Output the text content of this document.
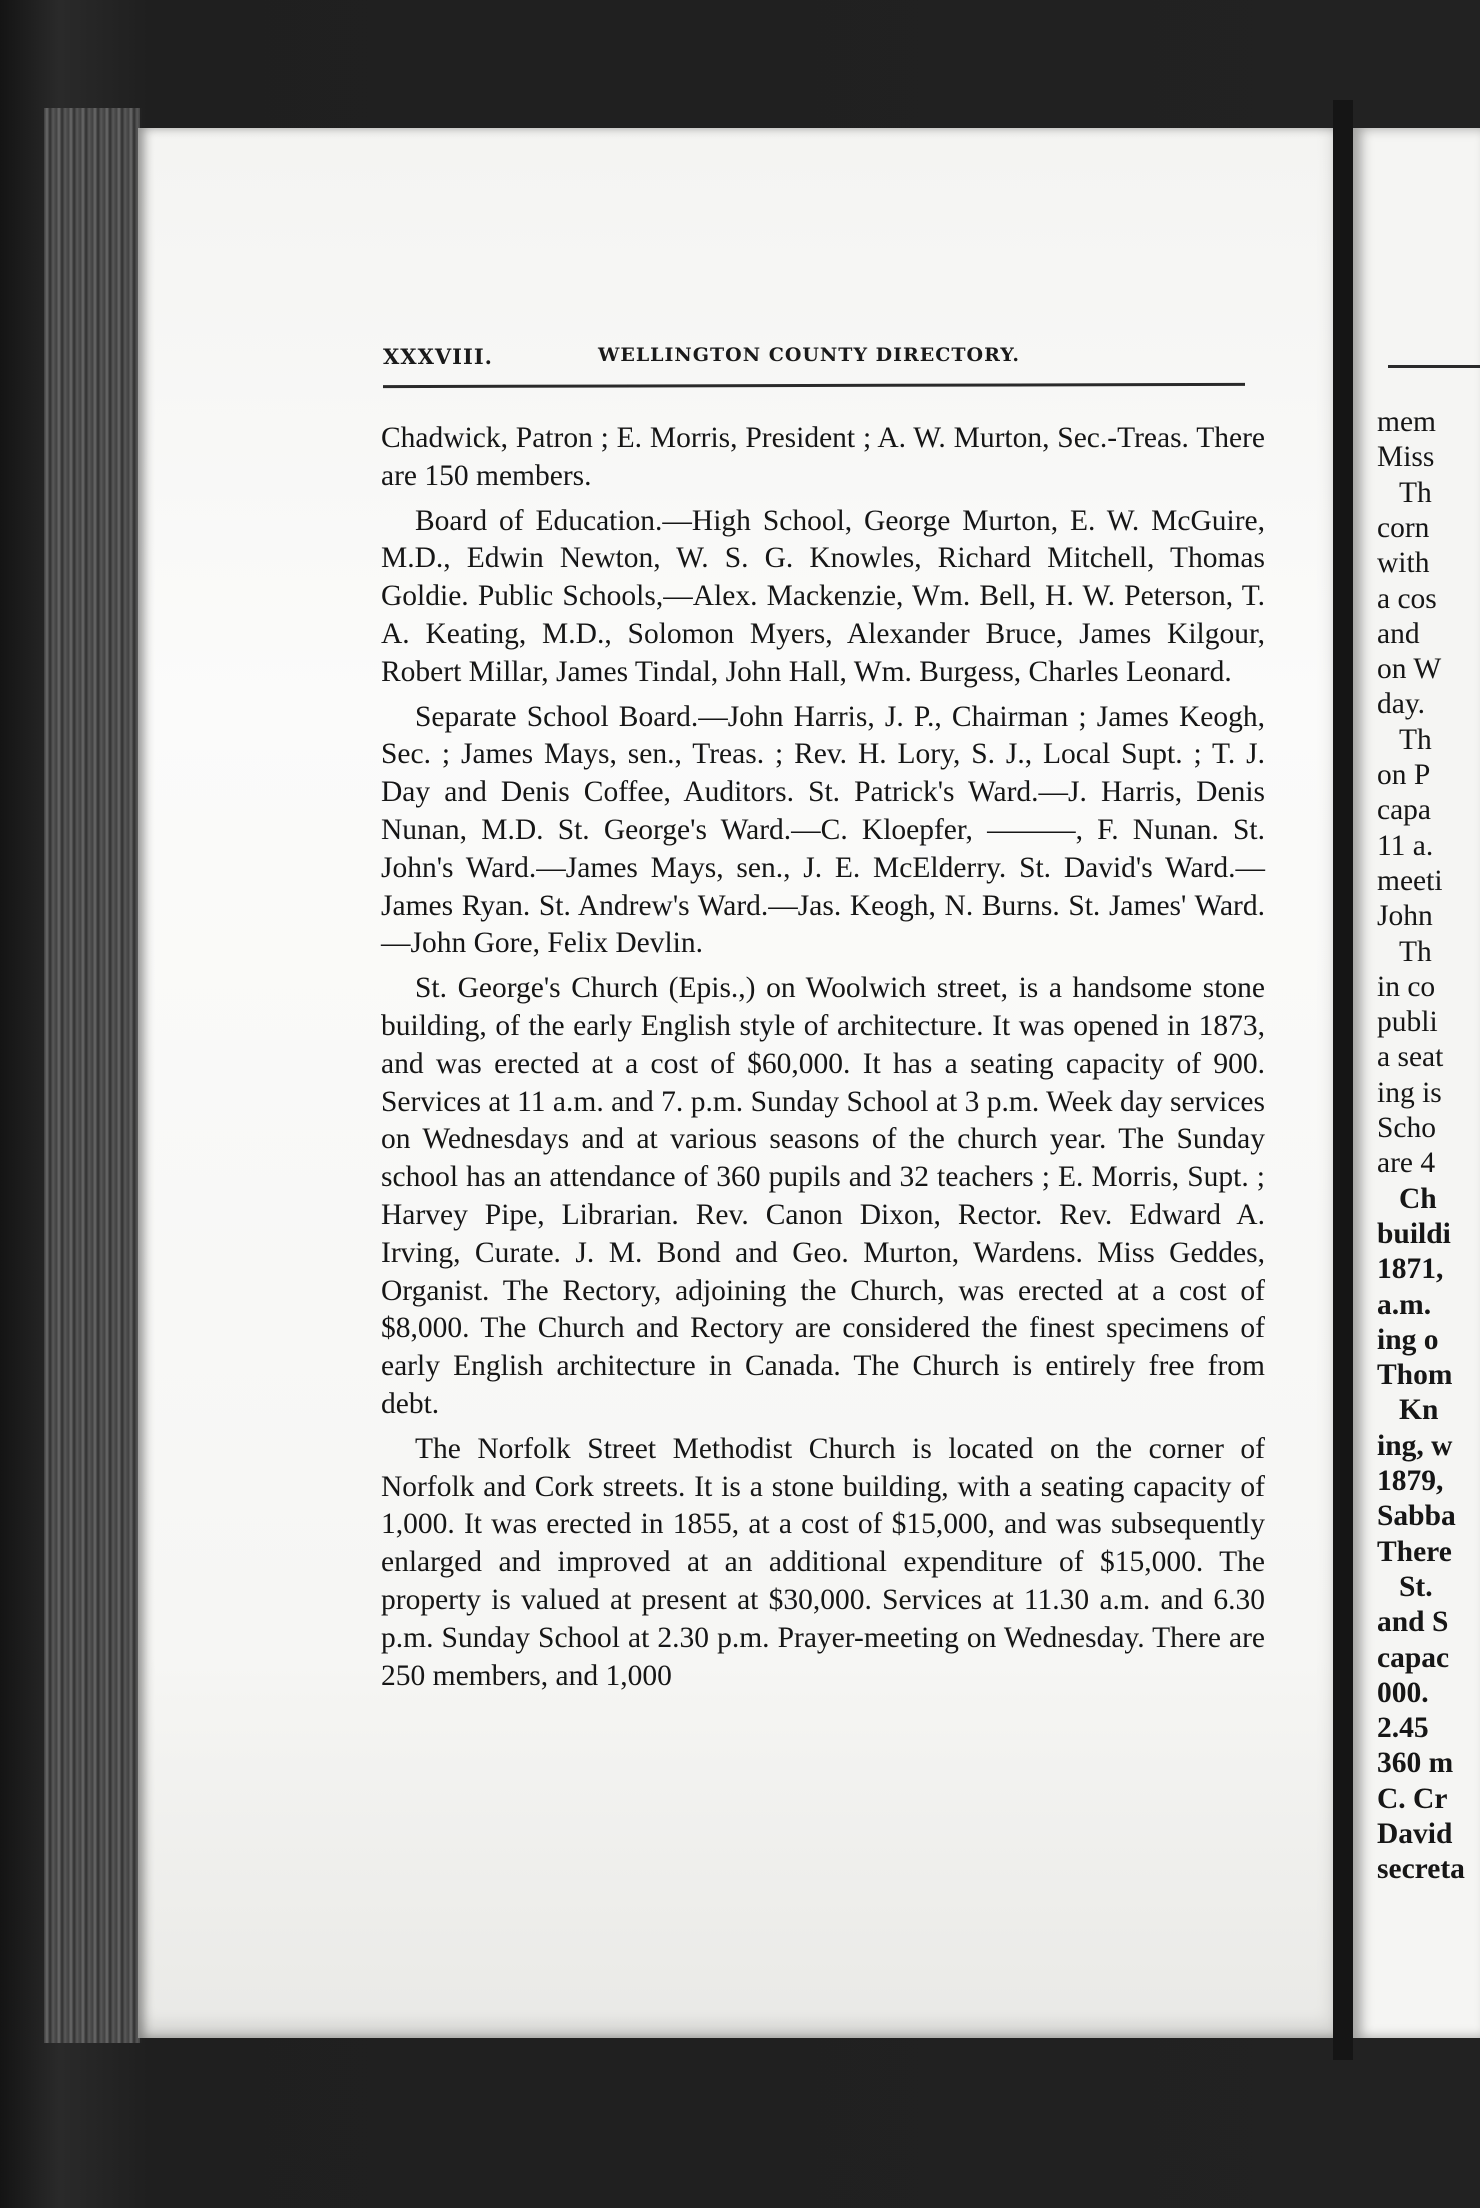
XXXVIII.	WELLINGTON COUNTY DIRECTORY.

Chadwick, Patron ; E. Morris, President ; A. W. Murton, Sec.-Treas. There are 150 members.

Board of Education.—High School, George Murton, E. W. McGuire, M.D., Edwin Newton, W. S. G. Knowles, Richard Mitchell, Thomas Goldie. Public Schools,—Alex. Mackenzie, Wm. Bell, H. W. Peterson, T. A. Keating, M.D., Solomon Myers, Alexander Bruce, James Kilgour, Robert Millar, James Tindal, John Hall, Wm. Burgess, Charles Leonard.

Separate School Board.—John Harris, J. P., Chairman ; James Keogh, Sec. ; James Mays, sen., Treas. ; Rev. H. Lory, S. J., Local Supt. ; T. J. Day and Denis Coffee, Auditors. St. Patrick's Ward.—J. Harris, Denis Nunan, M.D. St. George's Ward.—C. Kloepfer, ———, F. Nunan. St. John's Ward.—James Mays, sen., J. E. McElderry. St. David's Ward.—James Ryan. St. Andrew's Ward.—Jas. Keogh, N. Burns. St. James' Ward.—John Gore, Felix Devlin.

St. George's Church (Epis.,) on Woolwich street, is a handsome stone building, of the early English style of architecture. It was opened in 1873, and was erected at a cost of $60,000. It has a seating capacity of 900. Services at 11 a.m. and 7. p.m. Sunday School at 3 p.m. Week day services on Wednesdays and at various seasons of the church year. The Sunday school has an attendance of 360 pupils and 32 teachers ; E. Morris, Supt. ; Harvey Pipe, Librarian. Rev. Canon Dixon, Rector. Rev. Edward A. Irving, Curate. J. M. Bond and Geo. Murton, Wardens. Miss Geddes, Organist. The Rectory, adjoining the Church, was erected at a cost of $8,000. The Church and Rectory are considered the finest specimens of early English architecture in Canada. The Church is entirely free from debt.

The Norfolk Street Methodist Church is located on the corner of Norfolk and Cork streets. It is a stone building, with a seating capacity of 1,000. It was erected in 1855, at a cost of $15,000, and was subsequently enlarged and improved at an additional expenditure of $15,000. The property is valued at present at $30,000. Services at 11.30 a.m. and 6.30 p.m. Sunday School at 2.30 p.m. Prayer-meeting on Wednesday. There are 250 members, and 1,000

mem
Miss
Th
corn
with
a cos
and
on W
day.
Th
on P
capa
11 a.
meeti
John
Th
in co
publi
a seat
ing is
Scho
are 4
Ch
buildi
1871,
a.m.
ing o
Thom
Kn
ing, w
1879,
Sabba
There
St.
and S
capac
000.
2.45
360 m
C. Cr
David
secreta
